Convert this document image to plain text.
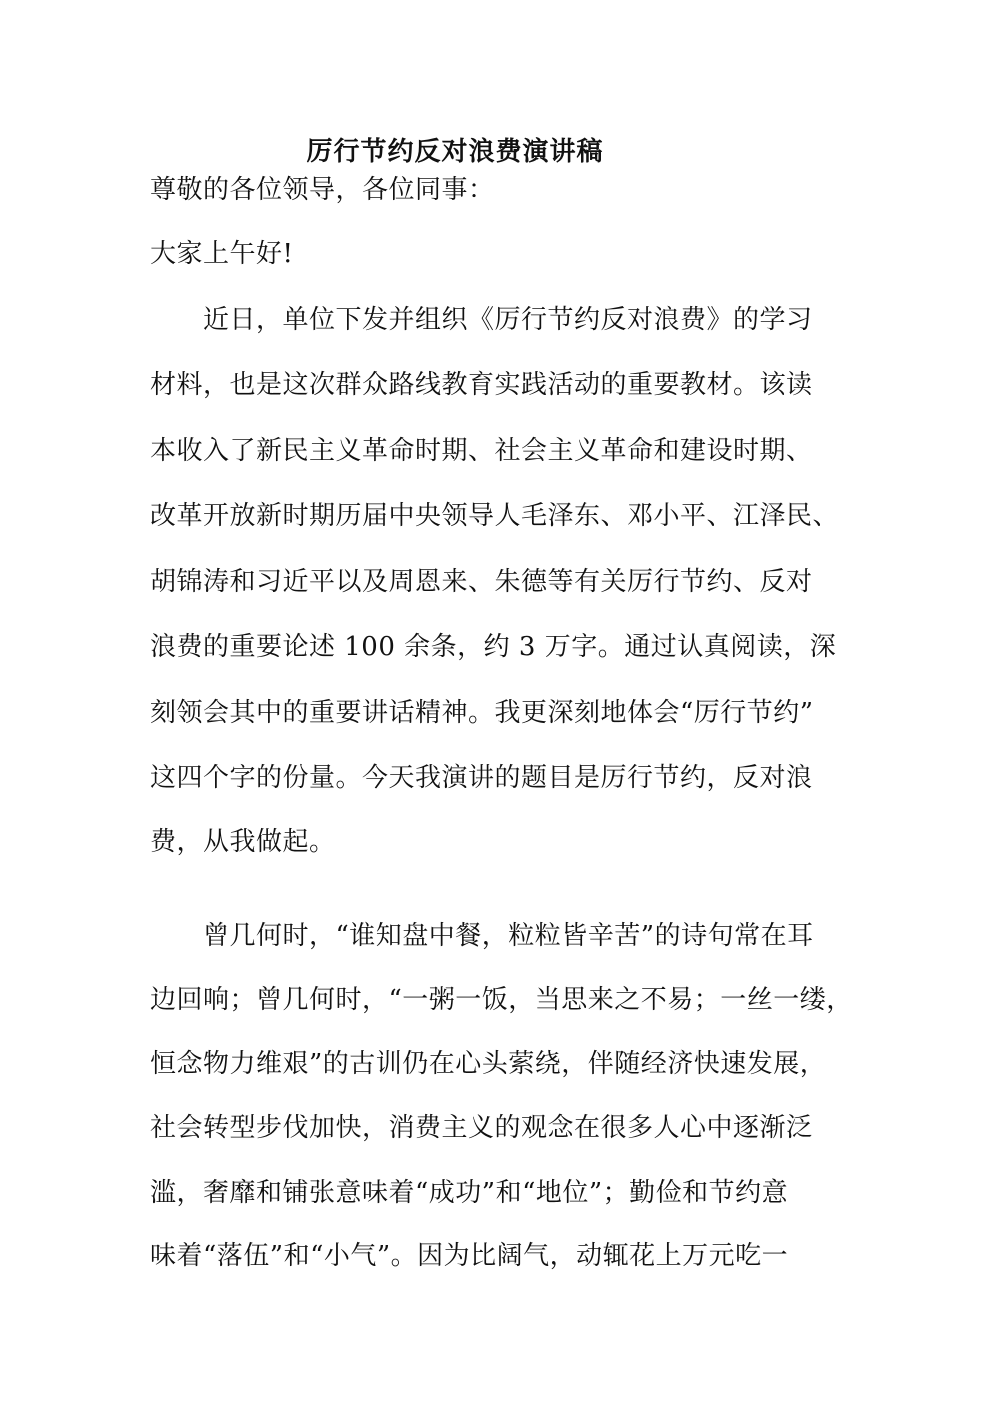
厉行节约反对浪费演讲稿
尊敬的各位领导，各位同事：
大家上午好!
　　近日，单位下发并组织《厉行节约反对浪费》的学习
材料，也是这次群众路线教育实践活动的重要教材。该读
本收入了新民主义革命时期、社会主义革命和建设时期、
改革开放新时期历届中央领导人毛泽东、邓小平、江泽民、
胡锦涛和习近平以及周恩来、朱德等有关厉行节约、反对
浪费的重要论述 100 余条，约 3 万字。通过认真阅读，深
刻领会其中的重要讲话精神。我更深刻地体会“厉行节约”
这四个字的份量。今天我演讲的题目是厉行节约，反对浪
费，从我做起。
　　曾几何时，“谁知盘中餐，粒粒皆辛苦”的诗句常在耳
边回响；曾几何时，“一粥一饭，当思来之不易；一丝一缕，
恒念物力维艰”的古训仍在心头萦绕，伴随经济快速发展，
社会转型步伐加快，消费主义的观念在很多人心中逐渐泛
滥，奢靡和铺张意味着“成功”和“地位”；勤俭和节约意
味着“落伍”和“小气”。因为比阔气，动辄花上万元吃一
